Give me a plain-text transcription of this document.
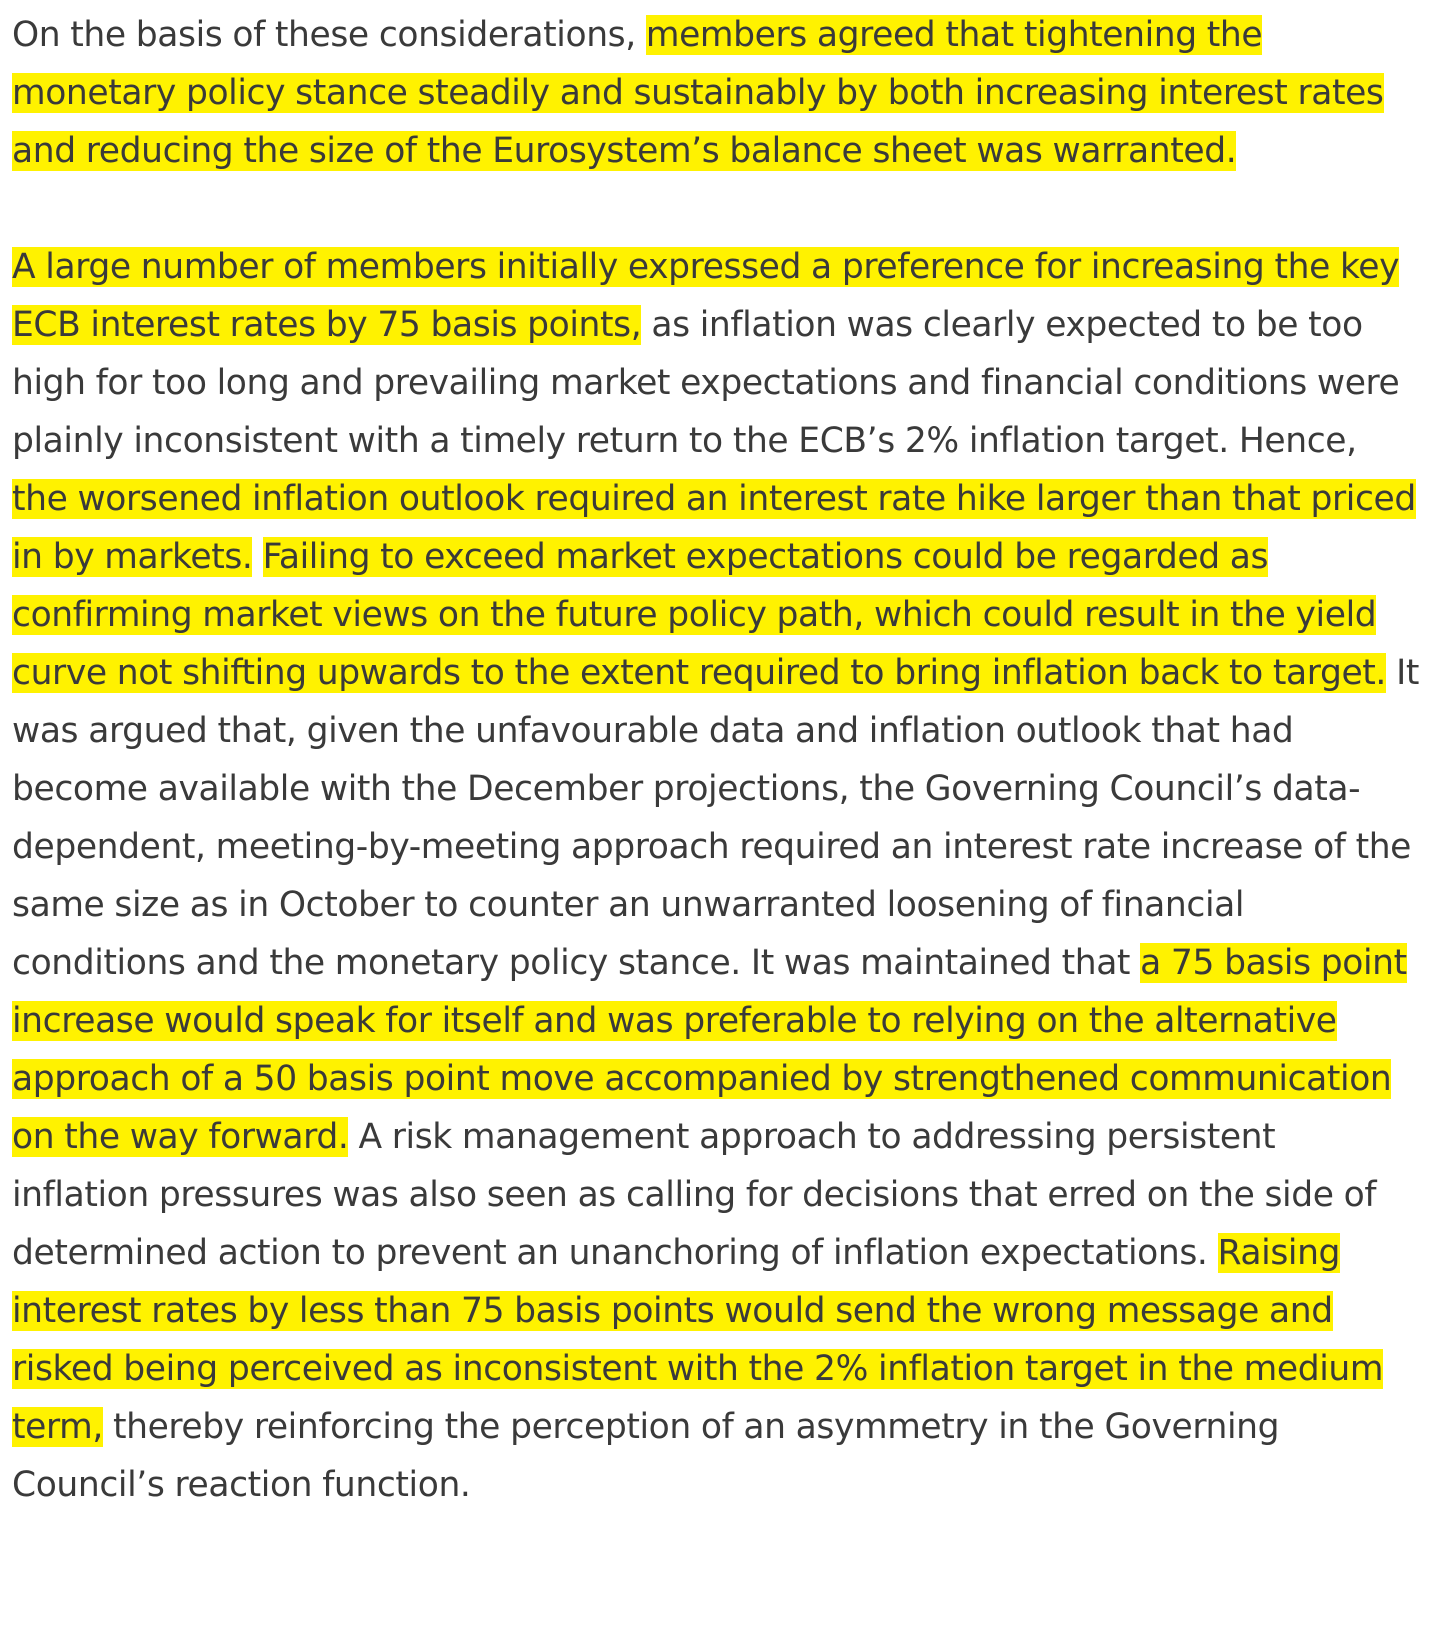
On the basis of these considerations, members agreed that tightening the monetary policy stance steadily and sustainably by both increasing interest rates and reducing the size of the Eurosystem’s balance sheet was warranted.

A large number of members initially expressed a preference for increasing the key ECB interest rates by 75 basis points, as inflation was clearly expected to be too high for too long and prevailing market expectations and financial conditions were plainly inconsistent with a timely return to the ECB’s 2% inflation target. Hence, the worsened inflation outlook required an interest rate hike larger than that priced in by markets. Failing to exceed market expectations could be regarded as confirming market views on the future policy path, which could result in the yield curve not shifting upwards to the extent required to bring inflation back to target. It was argued that, given the unfavourable data and inflation outlook that had become available with the December projections, the Governing Council’s data-dependent, meeting-by-meeting approach required an interest rate increase of the same size as in October to counter an unwarranted loosening of financial conditions and the monetary policy stance. It was maintained that a 75 basis point increase would speak for itself and was preferable to relying on the alternative approach of a 50 basis point move accompanied by strengthened communication on the way forward. A risk management approach to addressing persistent inflation pressures was also seen as calling for decisions that erred on the side of determined action to prevent an unanchoring of inflation expectations. Raising interest rates by less than 75 basis points would send the wrong message and risked being perceived as inconsistent with the 2% inflation target in the medium term, thereby reinforcing the perception of an asymmetry in the Governing Council’s reaction function.
